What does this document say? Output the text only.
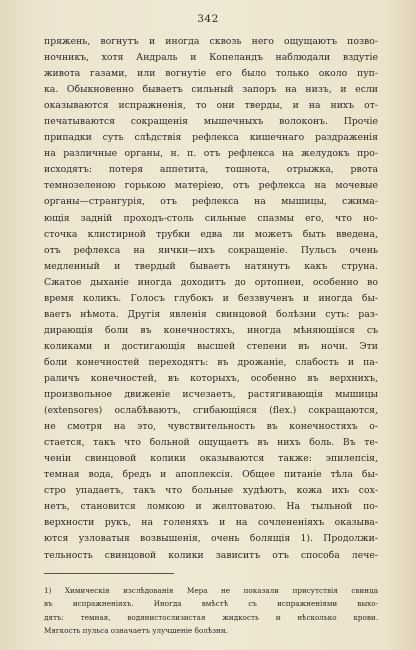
342
пряжень, вогнутъ и иногда сквозь него ощущаютъ позво-
ночникъ, хотя Андраль и Копеландъ наблюдали вздутіе
живота газами, или вогнутіе его было только около пуп-
ка. Обыкновенно бываетъ сильный запоръ на низъ, и если
оказываются испражненія, то они тверды, и на нихъ от-
печатываются сокращенія мышечныхъ волоконъ. Прочіе
припадки суть слѣдствія рефлекса кишечнаго раздраженія
на различные органы, н. п. отъ рефлекса на желудокъ про-
исходятъ: потеря аппетита, тошнота, отрыжка, рвота
темнозеленою горькою матеріею, отъ рефлекса на мочевые
органы—странгурія, отъ рефлекса на мышицы, сжима-
ющія задній проходъ-столь сильные спазмы его, что но-
сточка клистирной трубки едва ли можетъ быть введена,
отъ рефлекса на яички—ихъ сокращеніе. Пульсъ очень
медленный и твердый бываетъ натянутъ какъ струна.
Сжатое дыханіе иногда доходитъ до ортопнеи, особенно во
время коликъ. Голосъ глубокъ и беззвученъ и иногда бы-
ваетъ нѣмота. Другія явленія свинцовой болѣзни суть: раз-
дирающія боли въ конечностяхъ, иногда мѣняющіяся съ
коликами и достигающія высшей степени въ ночи. Эти
боли конечностей переходятъ: въ дрожаніе, слабость и па-
раличъ конечностей, въ которыхъ, особенно въ верхнихъ,
произвольное движеніе исчезаетъ, растягивающія мышицы
(extensores) ослабѣваютъ, сгибающіяся (flex.) сокращаются,
не смотря на это, чувствительность въ конечностяхъ о-
стается, такъ что больной ощущаетъ въ нихъ боль. Въ те-
ченіи свинцовой колики оказываются также: эпилепсія,
темная вода, бредъ и апоплексія. Общее питаніе тѣла бы-
стро упадаетъ, такъ что больные худѣютъ, кожа ихъ сох-
нетъ, становится ломкою и желтоватою. На тыльной по-
верхности рукъ, на голеняхъ и на сочлененіяхъ оказыва-
ются узловатыя возвышенія, очень болящія 1). Продолжи-
тельность свинцовой колики зависитъ отъ способа лече-
1) Химическія изслѣдованія Мера не показали присутствія свинца
въ испражненіяхъ. Иногда вмѣстѣ съ испражненіями выхо-
дятъ: темная, водянистослизистая жидкость и нѣсколько крови.
Мягкость пульса означаетъ улучшеніе болѣзни.
